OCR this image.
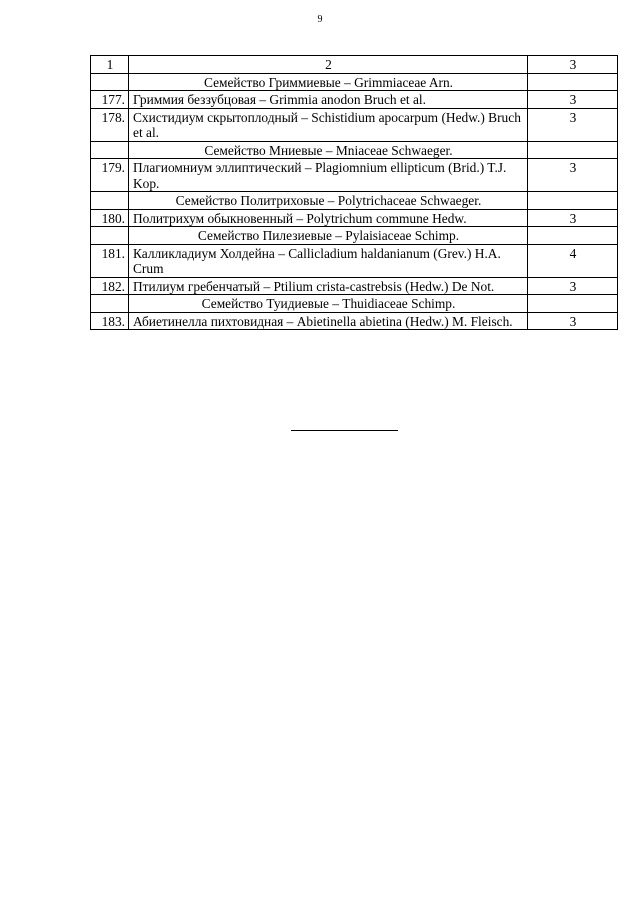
9
1	2	3
	Семейство Гриммиевые – Grimmiaceae Arn.	
177.	Гриммия беззубцовая – Grimmia anodon Bruch et al.	3
178.	Схистидиум скрытоплодный – Schistidium apocarpum (Hedw.) Bruch et al.	3
	Семейство Мниевые – Mniaceae Schwaeger.	
179.	Плагиомниум эллиптический – Plagiomnium ellipticum (Brid.) T.J. Kop.	3
	Семейство Политриховые – Polytrichaceae Schwaeger.	
180.	Политрихум обыкновенный – Polytrichum commune Hedw.	3
	Семейство Пилезиевые – Pylaisiaceae Schimp.	
181.	Калликлaдиум Холдейна – Callicladium haldanianum (Grev.) H.A. Crum	4
182.	Птилиум гребенчатый – Ptilium crista-castrebsis (Hedw.) De Not.	3
	Семейство Туидиевые – Thuidiaceae Schimp.	
183.	Абиетинелла пихтовидная – Abietinella abietina (Hedw.) M. Fleisch.	3
